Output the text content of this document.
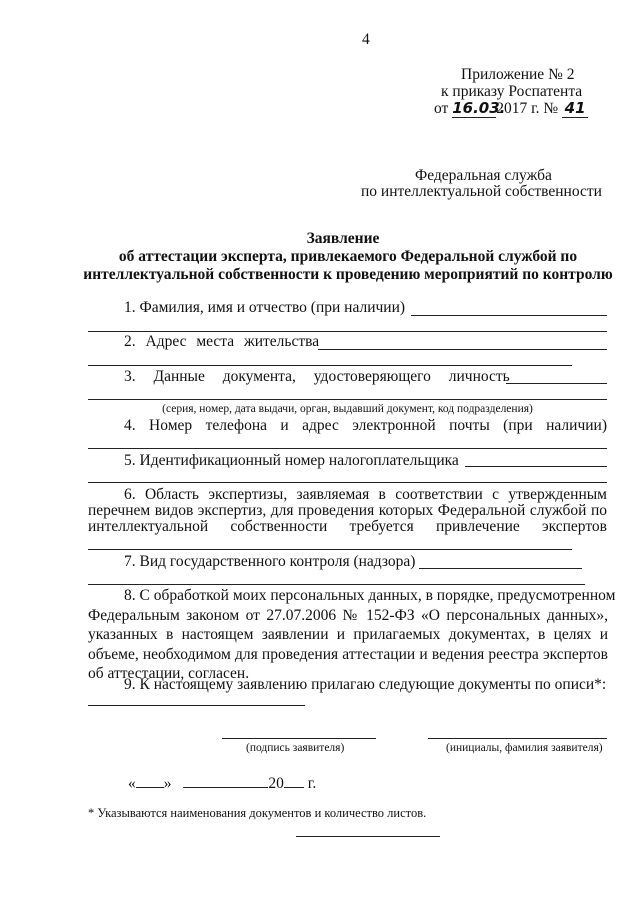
4
Приложение № 2
к приказу Роспатента
от 16.03.2017 г. № 41
Федеральная служба
по интеллектуальной собственности
Заявление
об аттестации эксперта, привлекаемого Федеральной службой по
интеллектуальной собственности к проведению мероприятий по контролю
1. Фамилия, имя и отчество (при наличии)
2. Адрес места жительства
3. Данные документа, удостоверяющего личность
(серия, номер, дата выдачи, орган, выдавший документ, код подразделения)
4. Номер телефона и адрес электронной почты (при наличии)
5. Идентификационный номер налогоплательщика
6. Область экспертизы, заявляемая в соответствии с утвержденным
перечнем видов экспертиз, для проведения которых Федеральной службой по
интеллектуальной собственности требуется привлечение экспертов
7. Вид государственного контроля (надзора)
8. С обработкой моих персональных данных, в порядке, предусмотренном
Федеральным законом от 27.07.2006 № 152-ФЗ «О персональных данных»,
указанных в настоящем заявлении и прилагаемых документах, в целях и
объеме, необходимом для проведения аттестации и ведения реестра экспертов
об аттестации, согласен.
9. К настоящему заявлению прилагаю следующие документы по описи*:
(подпись заявителя)	(инициалы, фамилия заявителя)
« »	20 г.
* Указываются наименования документов и количество листов.
